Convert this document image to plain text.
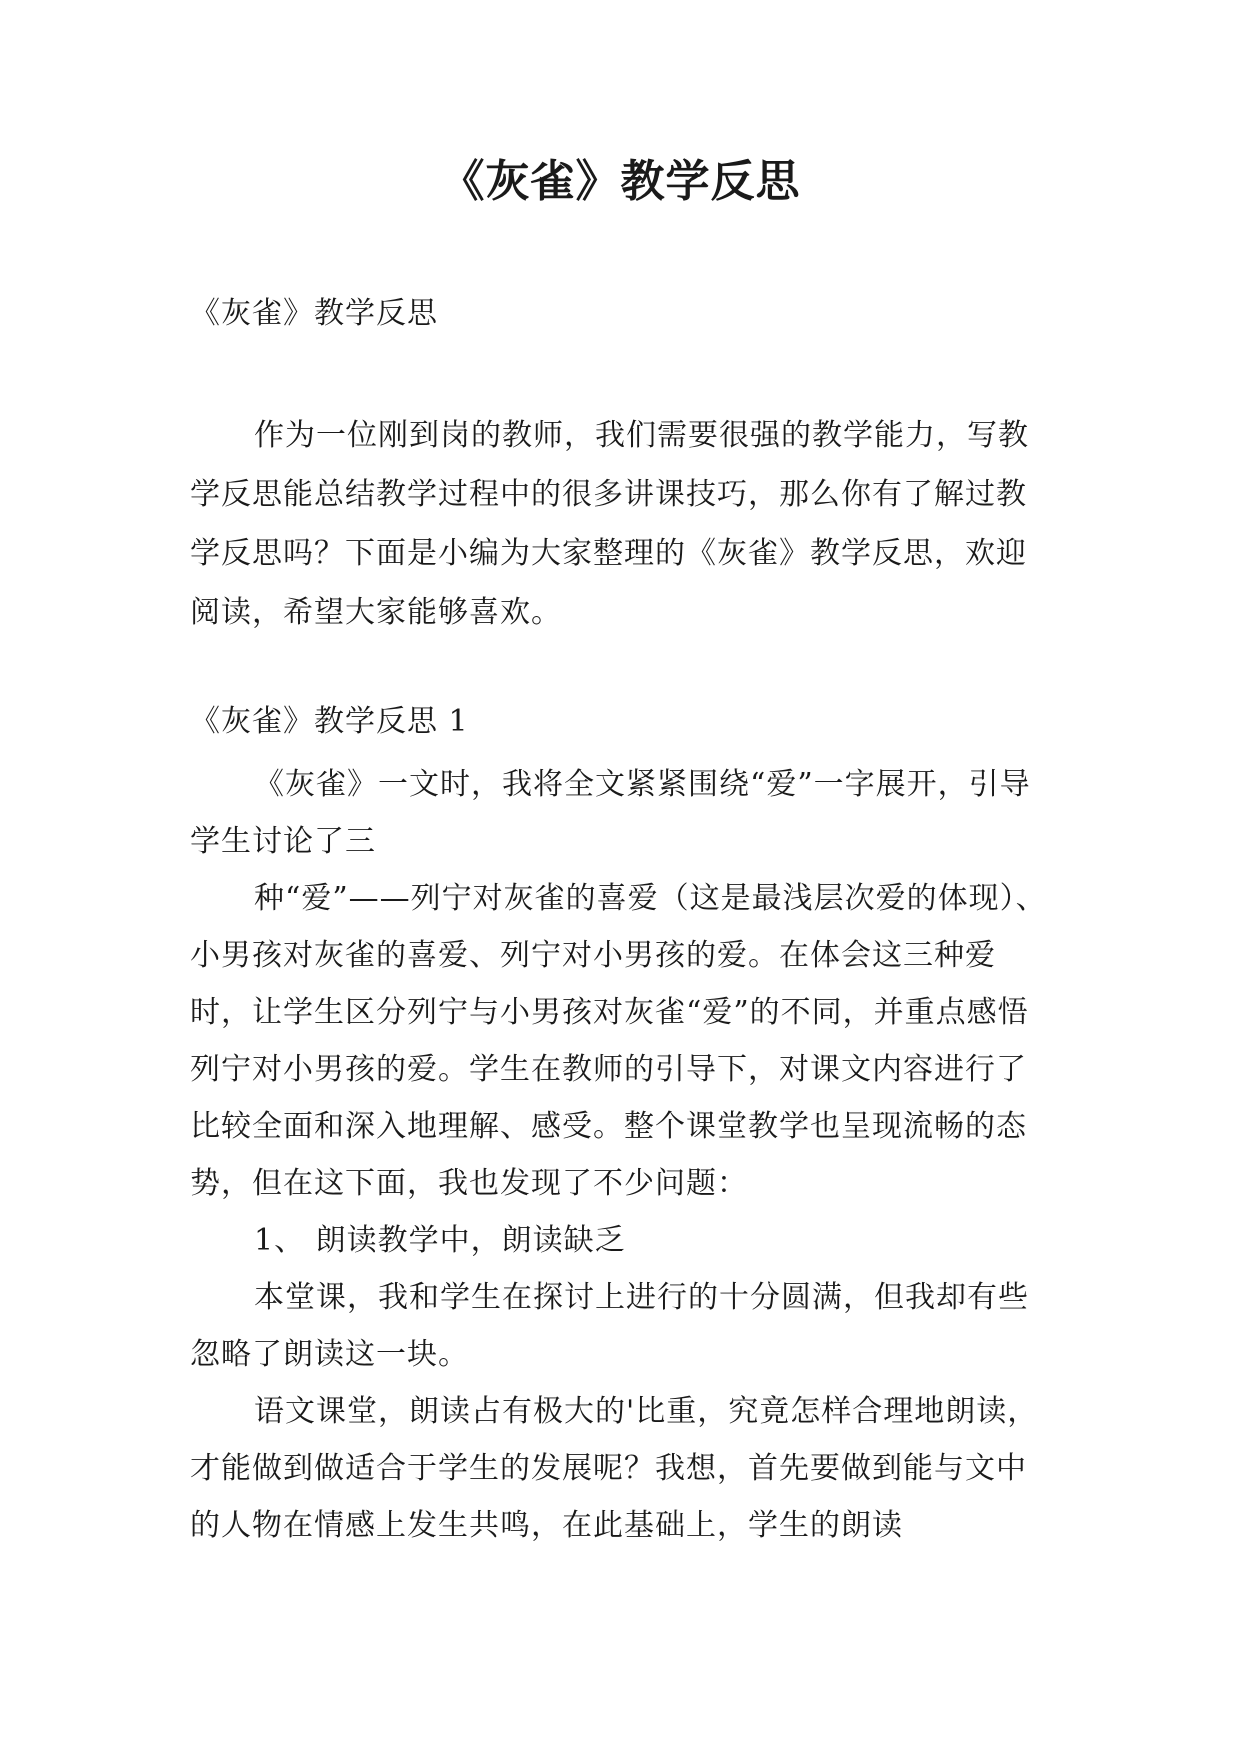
《灰雀》教学反思

《灰雀》教学反思

作为一位刚到岗的教师，我们需要很强的教学能力，写教学反思能总结教学过程中的很多讲课技巧，那么你有了解过教学反思吗？下面是小编为大家整理的《灰雀》教学反思，欢迎阅读，希望大家能够喜欢。

《灰雀》教学反思 1

《灰雀》一文时，我将全文紧紧围绕“爱”一字展开，引导学生讨论了三

种“爱”——列宁对灰雀的喜爱（这是最浅层次爱的体现）、小男孩对灰雀的喜爱、列宁对小男孩的爱。在体会这三种爱时，让学生区分列宁与小男孩对灰雀“爱”的不同，并重点感悟列宁对小男孩的爱。学生在教师的引导下，对课文内容进行了比较全面和深入地理解、感受。整个课堂教学也呈现流畅的态势，但在这下面，我也发现了不少问题：

1、 朗读教学中，朗读缺乏

本堂课，我和学生在探讨上进行的十分圆满，但我却有些忽略了朗读这一块。

语文课堂，朗读占有极大的'比重，究竟怎样合理地朗读，才能做到做适合于学生的发展呢？我想，首先要做到能与文中的人物在情感上发生共鸣，在此基础上，学生的朗读
